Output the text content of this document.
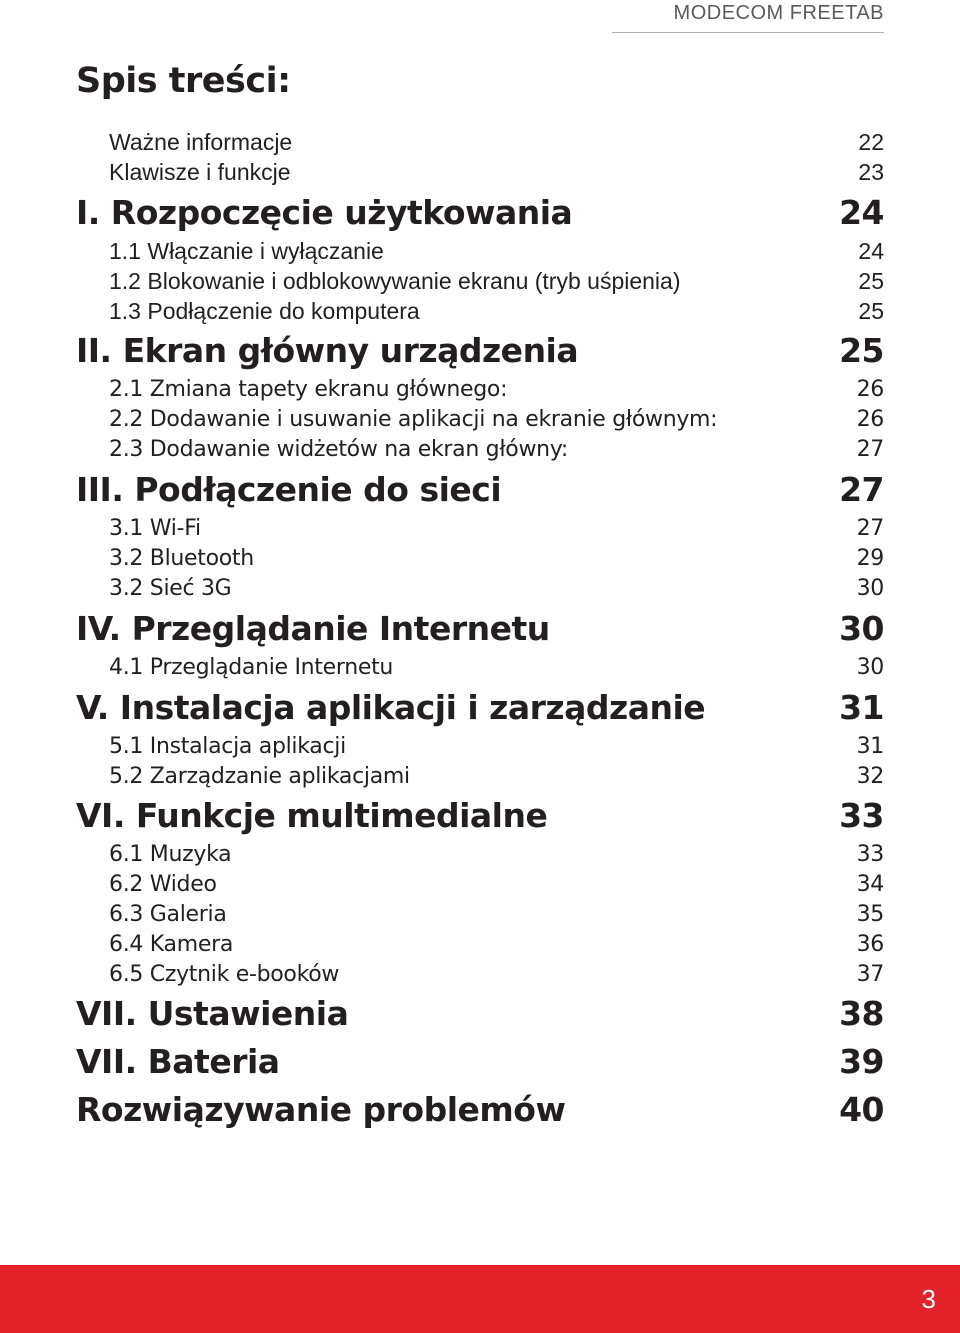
MODECOM FREETAB
Spis treści:
Ważne informacje	22
Klawisze i funkcje	23
I. Rozpoczęcie użytkowania	24
1.1 Włączanie i wyłączanie	24
1.2 Blokowanie i odblokowywanie ekranu (tryb uśpienia)	25
1.3 Podłączenie do komputera	25
II. Ekran główny urządzenia	25
2.1 Zmiana tapety ekranu głównego:	26
2.2 Dodawanie i usuwanie aplikacji na ekranie głównym:	26
2.3 Dodawanie widżetów na ekran główny:	27
III. Podłączenie do sieci	27
3.1 Wi-Fi	27
3.2 Bluetooth	29
3.2 Sieć 3G	30
IV. Przeglądanie Internetu	30
4.1 Przeglądanie Internetu	30
V. Instalacja aplikacji i zarządzanie	31
5.1 Instalacja aplikacji	31
5.2 Zarządzanie aplikacjami	32
VI. Funkcje multimedialne	33
6.1 Muzyka	33
6.2 Wideo	34
6.3 Galeria	35
6.4 Kamera	36
6.5 Czytnik e-booków	37
VII. Ustawienia	38
VII. Bateria	39
Rozwiązywanie problemów	40
3
